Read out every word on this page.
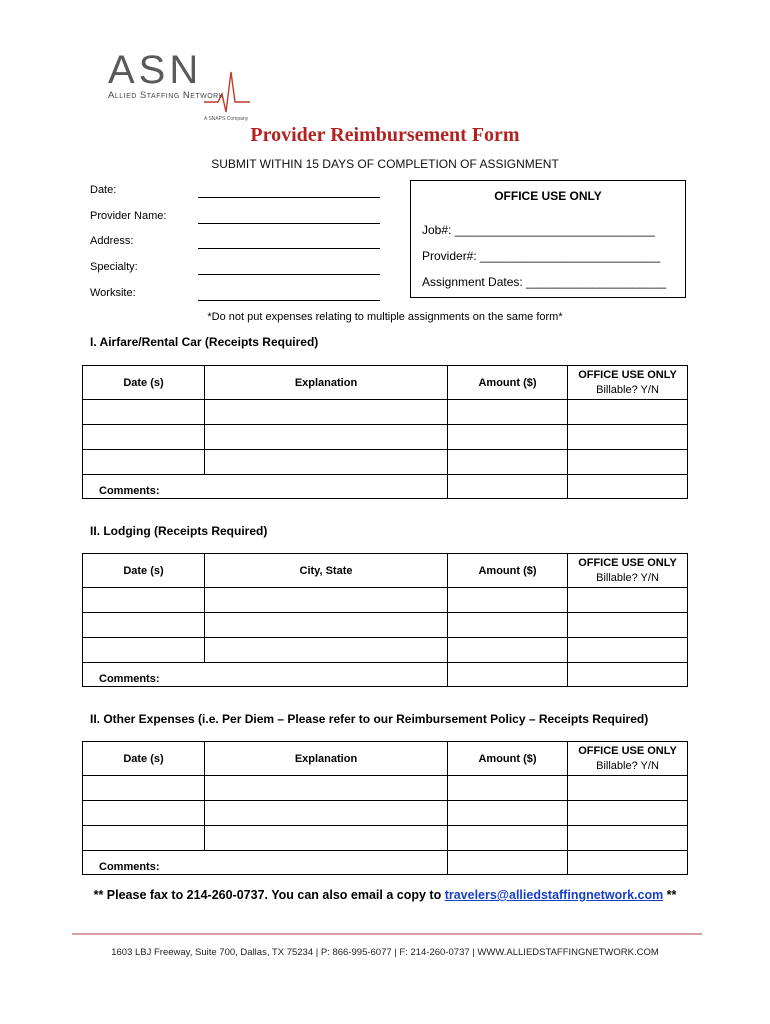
ASN
Allied Staffing Network
A SNAPS Company
Provider Reimbursement Form
SUBMIT WITHIN 15 DAYS OF COMPLETION OF ASSIGNMENT
Date:
Provider Name:
Address:
Specialty:
Worksite:
OFFICE USE ONLY
Job#: ______________________________
Provider#: ___________________________
Assignment Dates: _____________________
*Do not put expenses relating to multiple assignments on the same form*
I. Airfare/Rental Car (Receipts Required)
Date (s)	Explanation	Amount ($)	OFFICE USE ONLY
Billable? Y/N

Comments:			
II. Lodging (Receipts Required)
Date (s)	City, State	Amount ($)	OFFICE USE ONLY
Billable? Y/N

Comments:			
II. Other Expenses (i.e. Per Diem – Please refer to our Reimbursement Policy – Receipts Required)
Date (s)	Explanation	Amount ($)	OFFICE USE ONLY
Billable? Y/N

Comments:			
** Please fax to 214-260-0737. You can also email a copy to travelers@alliedstaffingnetwork.com **
1603 LBJ Freeway, Suite 700, Dallas, TX 75234 | P: 866-995-6077 | F: 214-260-0737 | WWW.ALLIEDSTAFFINGNETWORK.COM
